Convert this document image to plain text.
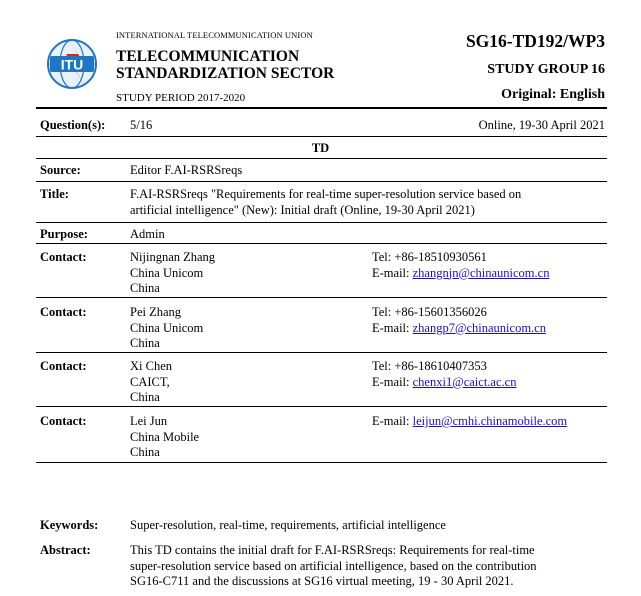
ITU
INTERNATIONAL TELECOMMUNICATION UNION
TELECOMMUNICATION
STANDARDIZATION SECTOR
STUDY PERIOD 2017-2020
SG16-TD192/WP3
STUDY GROUP 16
Original: English
Question(s): 5/16	Online, 19-30 April 2021
TD
Source:	Editor F.AI-RSRSreqs
Title:	F.AI-RSRSreqs "Requirements for real-time super-resolution service based on
artificial intelligence" (New): Initial draft (Online, 19-30 April 2021)
Purpose:	Admin
Contact:	Nijingnan Zhang
China Unicom
China
Tel: +86-18510930561
E-mail: zhangnjn@chinaunicom.cn
Contact:	Pei Zhang
China Unicom
China
Tel: +86-15601356026
E-mail: zhangp7@chinaunicom.cn
Contact:	Xi Chen
CAICT,
China
Tel: +86-18610407353
E-mail: chenxi1@caict.ac.cn
Contact:	Lei Jun
China Mobile
China
E-mail: leijun@cmhi.chinamobile.com
Keywords:	Super-resolution, real-time, requirements, artificial intelligence
Abstract:	This TD contains the initial draft for F.AI-RSRSreqs: Requirements for real-time
super-resolution service based on artificial intelligence, based on the contribution
SG16-C711 and the discussions at SG16 virtual meeting, 19 - 30 April 2021.
